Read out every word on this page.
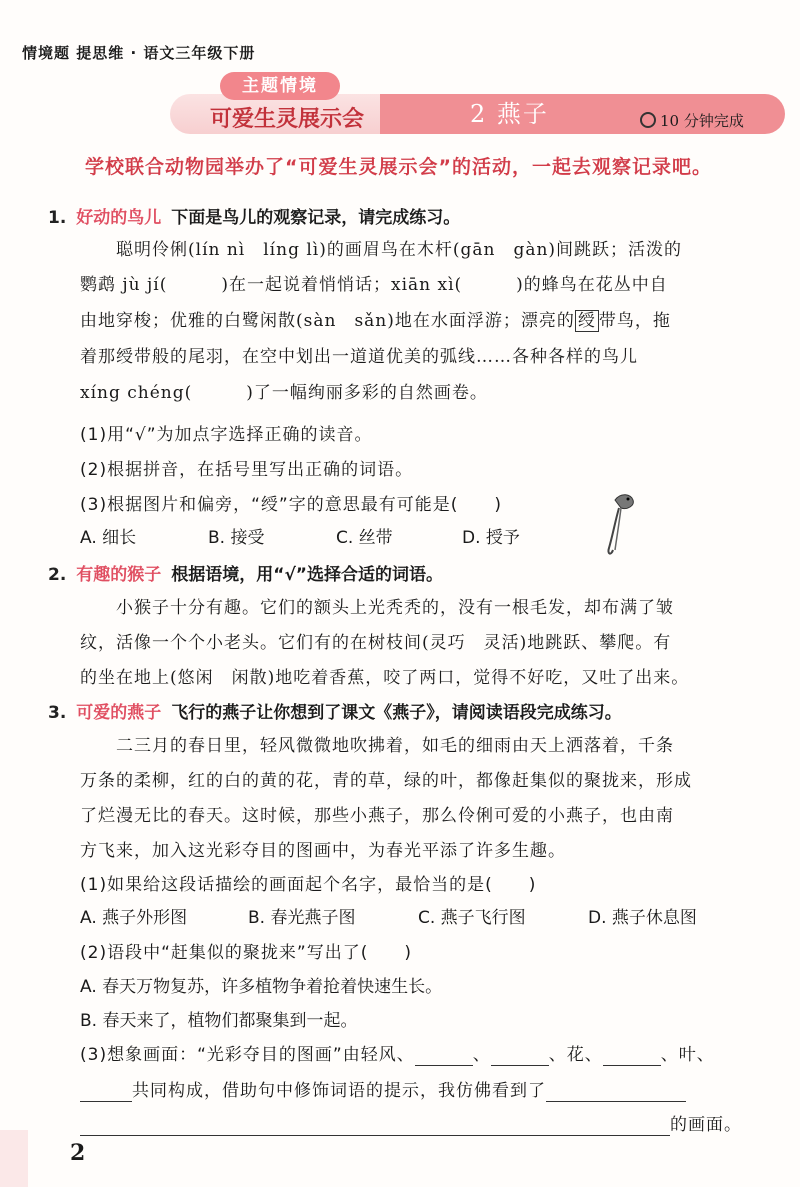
情境题 提思维 · 语文三年级下册
主题情境
可爱生灵展示会	2 燕子	10 分钟完成
学校联合动物园举办了“可爱生灵展示会”的活动，一起去观察记录吧。
1. 好动的鸟儿 下面是鸟儿的观察记录，请完成练习。
聪明伶俐(lín nì　líng lì)的画眉鸟在木杆(gān　gàn)间跳跃；活泼的
鹦鹉 jù jí(　　　)在一起说着悄悄话；xiān xì(　　　)的蜂鸟在花丛中自
由地穿梭；优雅的白鹭闲散(sàn　sǎn)地在水面浮游；漂亮的 绶 带鸟，拖
着那绶带般的尾羽，在空中划出一道道优美的弧线……各种各样的鸟儿
xíng chéng(　　　)了一幅绚丽多彩的自然画卷。
(1)用“√”为加点字选择正确的读音。
(2)根据拼音，在括号里写出正确的词语。
(3)根据图片和偏旁，“绶”字的意思最有可能是(　　)
A. 细长	B. 接受	C. 丝带	D. 授予
2. 有趣的猴子 根据语境，用“√”选择合适的词语。
小猴子十分有趣。它们的额头上光秃秃的，没有一根毛发，却布满了皱
纹，活像一个个小老头。它们有的在树枝间(灵巧　灵活)地跳跃、攀爬。有
的坐在地上(悠闲　闲散)地吃着香蕉，咬了两口，觉得不好吃，又吐了出来。
3. 可爱的燕子 飞行的燕子让你想到了课文《燕子》，请阅读语段完成练习。
二三月的春日里，轻风微微地吹拂着，如毛的细雨由天上洒落着，千条
万条的柔柳，红的白的黄的花，青的草，绿的叶，都像赶集似的聚拢来，形成
了烂漫无比的春天。这时候，那些小燕子，那么伶俐可爱的小燕子，也由南
方飞来，加入这光彩夺目的图画中，为春光平添了许多生趣。
(1)如果给这段话描绘的画面起个名字，最恰当的是(　　)
A. 燕子外形图	B. 春光燕子图	C. 燕子飞行图	D. 燕子休息图
(2)语段中“赶集似的聚拢来”写出了(　　)
A. 春天万物复苏，许多植物争着抢着快速生长。
B. 春天来了，植物们都聚集到一起。
(3)想象画面：“光彩夺目的图画”由轻风、	、	、花、	、叶、
共同构成，借助句中修饰词语的提示，我仿佛看到了
的画面。
2
